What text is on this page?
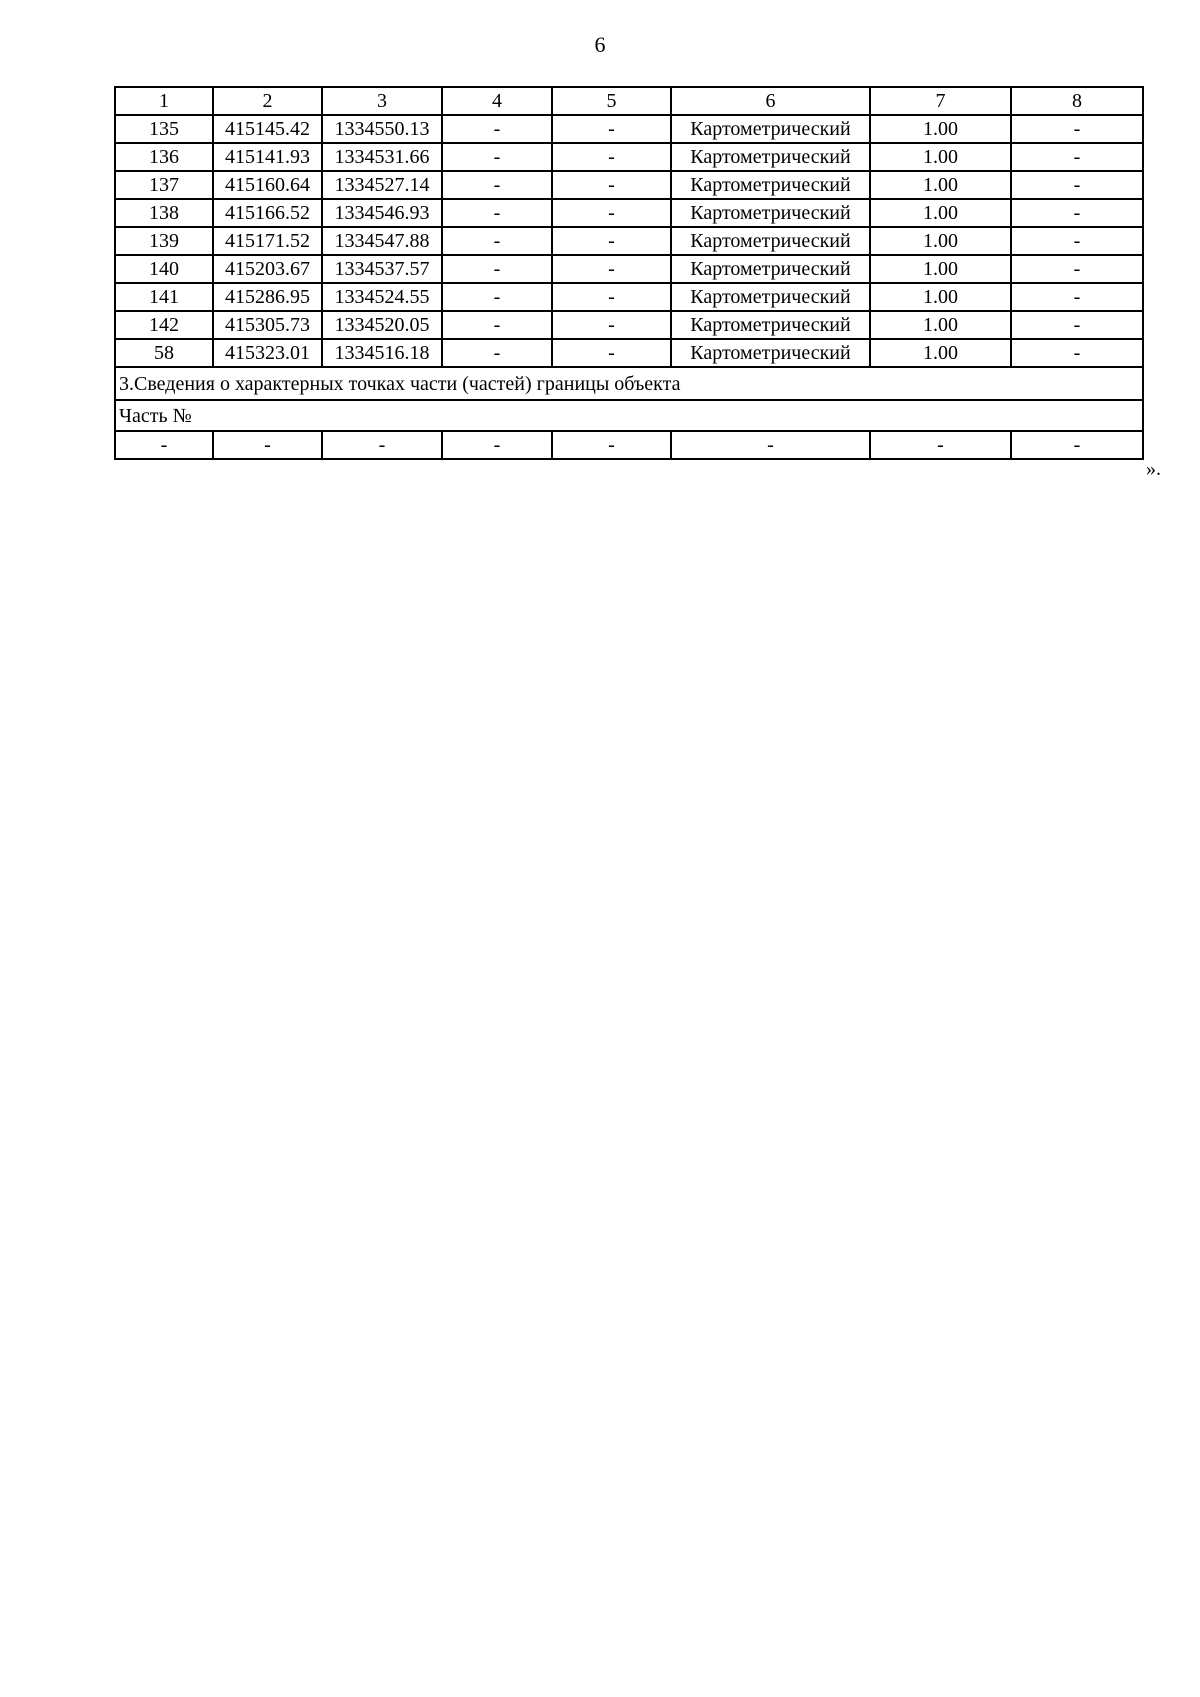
6
1	2	3	4	5	6	7	8
135	415145.42	1334550.13	-	-	Картометрический	1.00	-
136	415141.93	1334531.66	-	-	Картометрический	1.00	-
137	415160.64	1334527.14	-	-	Картометрический	1.00	-
138	415166.52	1334546.93	-	-	Картометрический	1.00	-
139	415171.52	1334547.88	-	-	Картометрический	1.00	-
140	415203.67	1334537.57	-	-	Картометрический	1.00	-
141	415286.95	1334524.55	-	-	Картометрический	1.00	-
142	415305.73	1334520.05	-	-	Картометрический	1.00	-
58	415323.01	1334516.18	-	-	Картометрический	1.00	-
3.Сведения о характерных точках части (частей) границы объекта							
Часть №							
-	-	-	-	-	-	-	-
».
